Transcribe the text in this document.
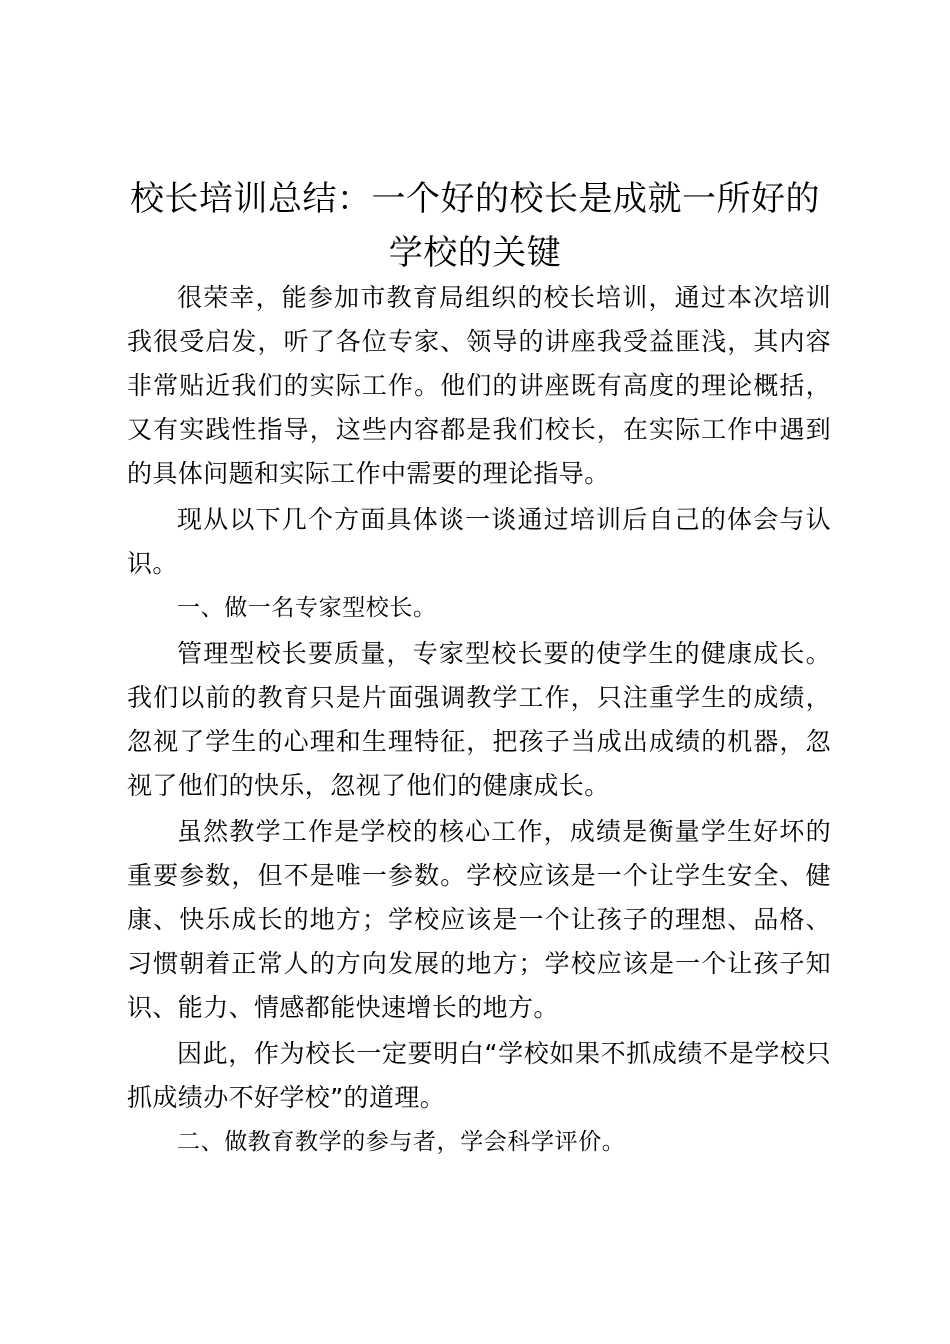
校长培训总结：一个好的校长是成就一所好的
学校的关键

很荣幸，能参加市教育局组织的校长培训，通过本次培训我很受启发，听了各位专家、领导的讲座我受益匪浅，其内容非常贴近我们的实际工作。他们的讲座既有高度的理论概括，又有实践性指导，这些内容都是我们校长，在实际工作中遇到的具体问题和实际工作中需要的理论指导。

现从以下几个方面具体谈一谈通过培训后自己的体会与认识。

一、做一名专家型校长。

管理型校长要质量，专家型校长要的使学生的健康成长。我们以前的教育只是片面强调教学工作，只注重学生的成绩，忽视了学生的心理和生理特征，把孩子当成出成绩的机器，忽视了他们的快乐，忽视了他们的健康成长。

虽然教学工作是学校的核心工作，成绩是衡量学生好坏的重要参数，但不是唯一参数。学校应该是一个让学生安全、健康、快乐成长的地方；学校应该是一个让孩子的理想、品格、习惯朝着正常人的方向发展的地方；学校应该是一个让孩子知识、能力、情感都能快速增长的地方。

因此，作为校长一定要明白“学校如果不抓成绩不是学校只抓成绩办不好学校”的道理。

二、做教育教学的参与者，学会科学评价。
